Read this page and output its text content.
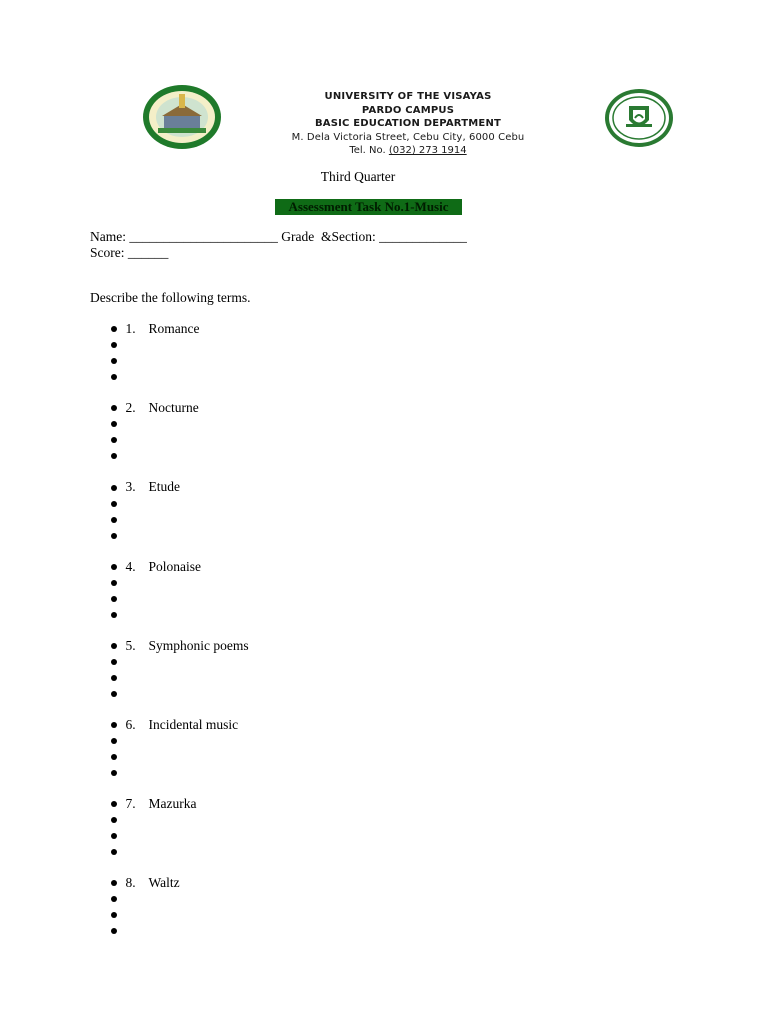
UNIVERSITY OF THE VISAYAS
PARDO CAMPUS
BASIC EDUCATION DEPARTMENT
M. Dela Victoria Street, Cebu City, 6000 Cebu
Tel. No. (032) 273 1914
Third Quarter
Assessment Task No.1-Music
Name: ______________________ Grade  &Section: _____________
Score: ______
Describe the following terms.

1. Romance

2. Nocturne

3. Etude

4. Polonaise

5. Symphonic poems

6. Incidental music

7. Mazurka

8. Waltz
